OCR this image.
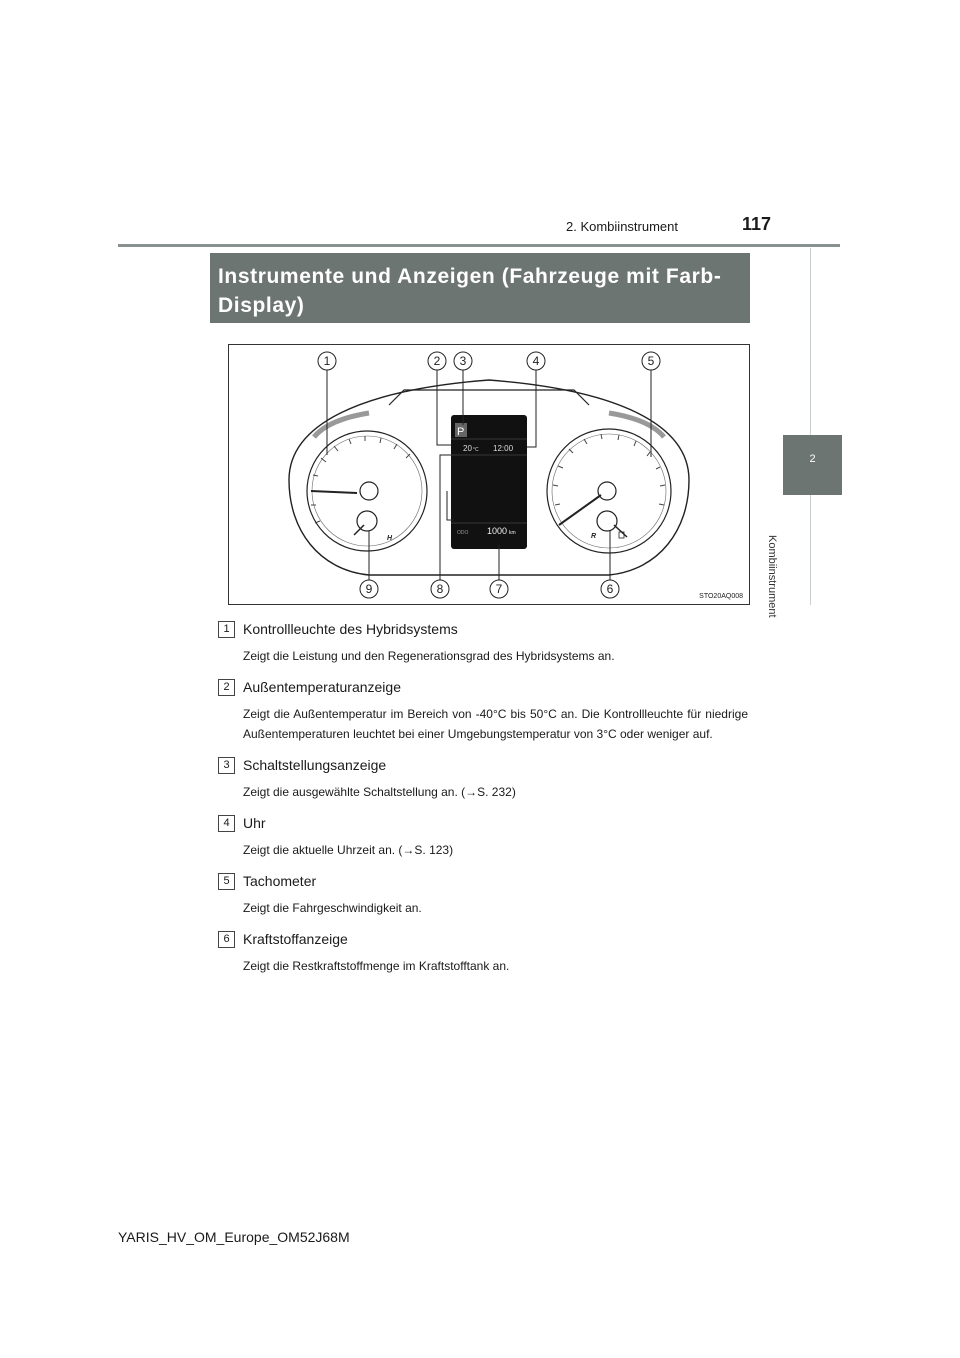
2. Kombiinstrument	117
2
Kombiinstrument
Instrumente und Anzeigen (Fahrzeuge mit Farb-Display)
H
P
20 °C 12:00
ODO 1000 km	R
1	2 3	4	5
9	8	7	6
STO20AQ008
1 Kontrollleuchte des Hybridsystems
Zeigt die Leistung und den Regenerationsgrad des Hybridsystems an.
2 Außentemperaturanzeige
Zeigt die Außentemperatur im Bereich von -40°C bis 50°C an. Die Kontrollleuchte für niedrige Außentemperaturen leuchtet bei einer Umgebungstemperatur von 3°C oder weniger auf.
3 Schaltstellungsanzeige
Zeigt die ausgewählte Schaltstellung an. (→S. 232)
4 Uhr
Zeigt die aktuelle Uhrzeit an. (→S. 123)
5 Tachometer
Zeigt die Fahrgeschwindigkeit an.
6 Kraftstoffanzeige
Zeigt die Restkraftstoffmenge im Kraftstofftank an.
YARIS_HV_OM_Europe_OM52J68M
